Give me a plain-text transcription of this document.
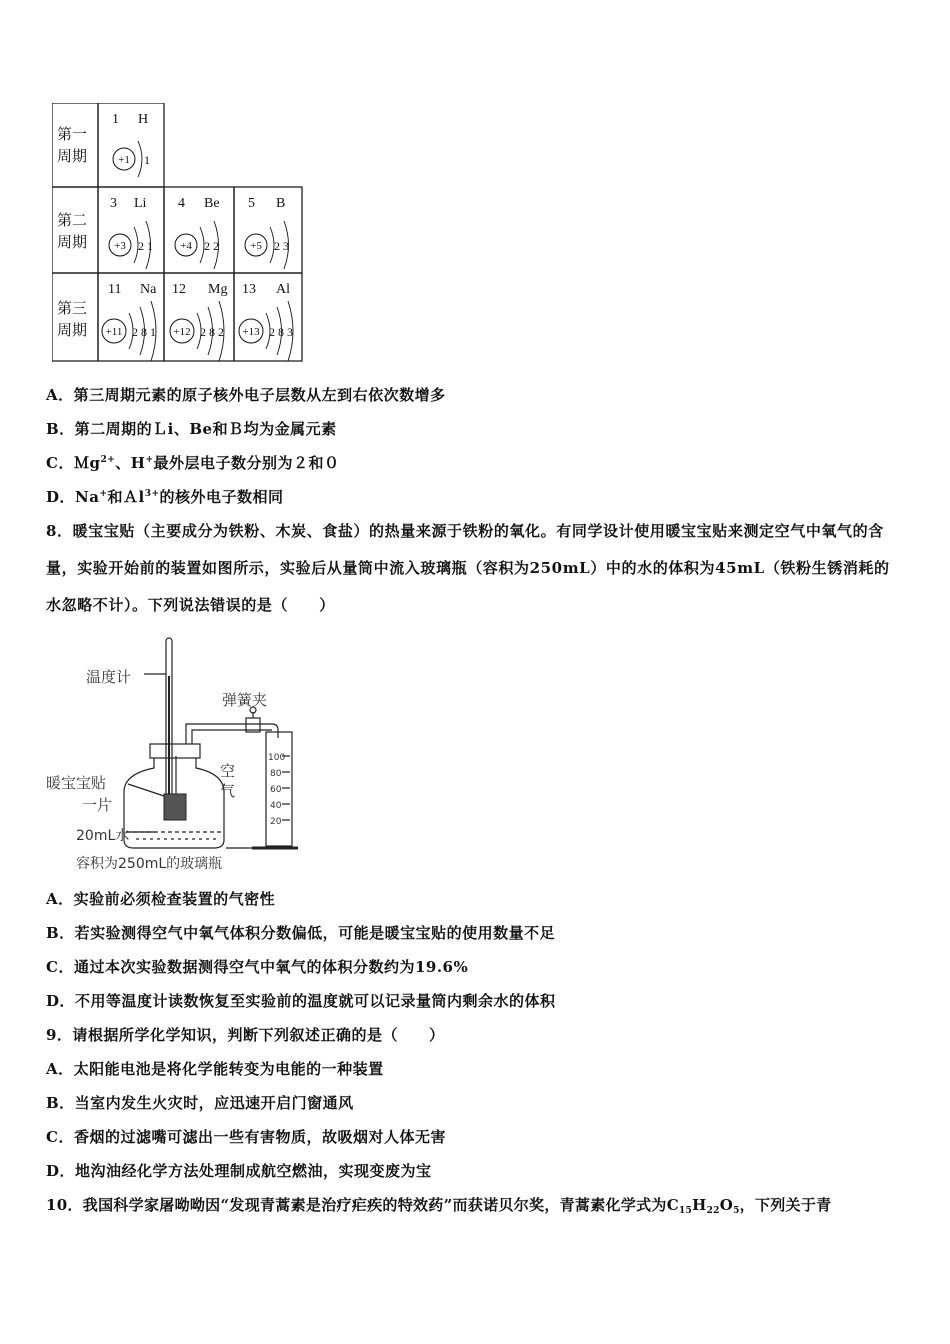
第一
周期
第二
周期
第三
周期
1 H
+1 1
3 Li
+3 2 1
4 Be
+4 2 2
5 B
+5 2 3
11 Na
+11 2 8 1
12 Mg
+12 2 8 2
13 Al
+13 2 8 3
A．第三周期元素的原子核外电子层数从左到右依次数增多
B．第二周期的Ｌi、Be和Ｂ均为金属元素
C．Ｍg$^{2+}$、H+最外层电子数分别为２和０
D．Na+和Ａl$^{3+}$的核外电子数相同
8．暖宝宝贴（主要成分为铁粉、木炭、食盐）的热量来源于铁粉的氧化。有同学设计使用暖宝宝贴来测定空气中氧气的含量，实验开始前的装置如图所示，实验后从量筒中流入玻璃瓶（容积为250mL）中的水的体积为45mL（铁粉生锈消耗的水忽略不计）。下列说法错误的是（　　）
温度计
弹簧夹
暖宝宝贴
一片
空
气
20mL水
容积为250mL的玻璃瓶
100
80
60
40
20
A．实验前必须检查装置的气密性
B．若实验测得空气中氧气体积分数偏低，可能是暖宝宝贴的使用数量不足
C．通过本次实验数据测得空气中氧气的体积分数约为19.6%
D．不用等温度计读数恢复至实验前的温度就可以记录量筒内剩余水的体积
9．请根据所学化学知识，判断下列叙述正确的是（　　）
A．太阳能电池是将化学能转变为电能的一种装置
B．当室内发生火灾时，应迅速开启门窗通风
C．香烟的过滤嘴可滤出一些有害物质，故吸烟对人体无害
D．地沟油经化学方法处理制成航空燃油，实现变废为宝
10．我国科学家屠呦呦因“发现青蒿素是治疗疟疾的特效药”而获诺贝尔奖，青蒿素化学式为$C_{15}H_{22}O_5$，下列关于青
